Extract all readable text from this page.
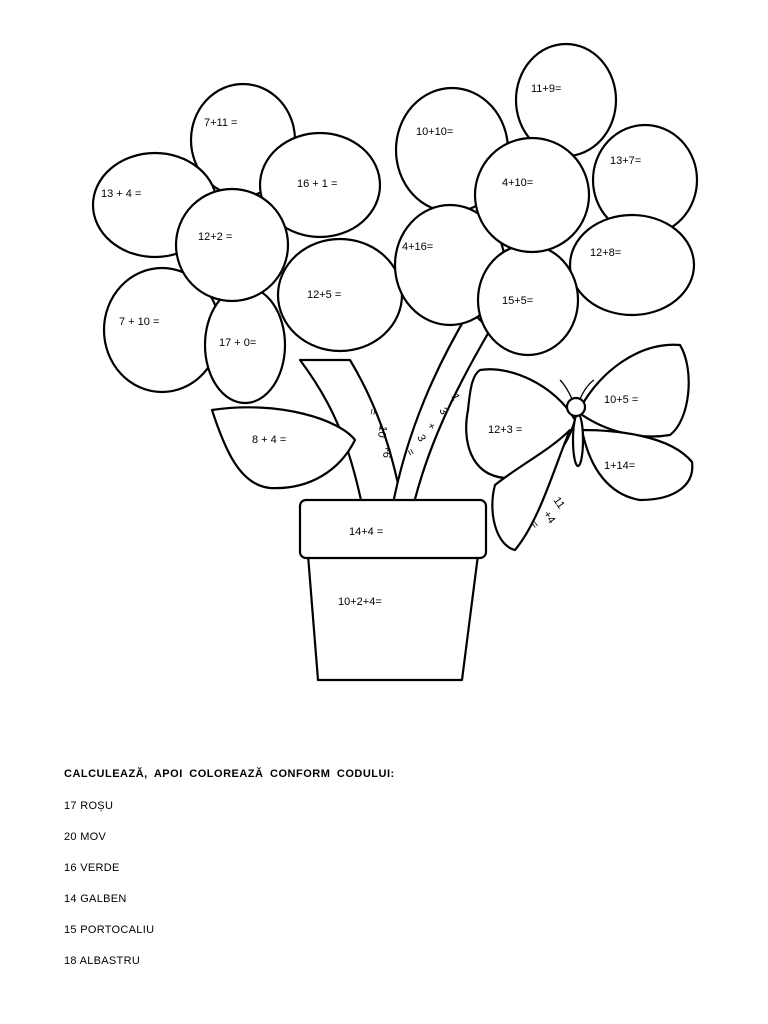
14+4 =
10+2+4=
8 + 4 =
7+11 =
13 + 4 =
16 + 1 =
12+2 =
7 + 10 =
17 + 0=
12+5 =
11+9=
10+10=
13+7=
4+10=
4+16=	12+8=
15+5=
12+3 =
10+5 =
1+14=
11
+4
=
=
10
+6
1
3
+
3
=
CALCULEAZĂ, APOI COLOREAZĂ CONFORM CODULUI:
17 ROȘU
20 MOV
16 VERDE
14 GALBEN
15 PORTOCALIU
18 ALBASTRU
